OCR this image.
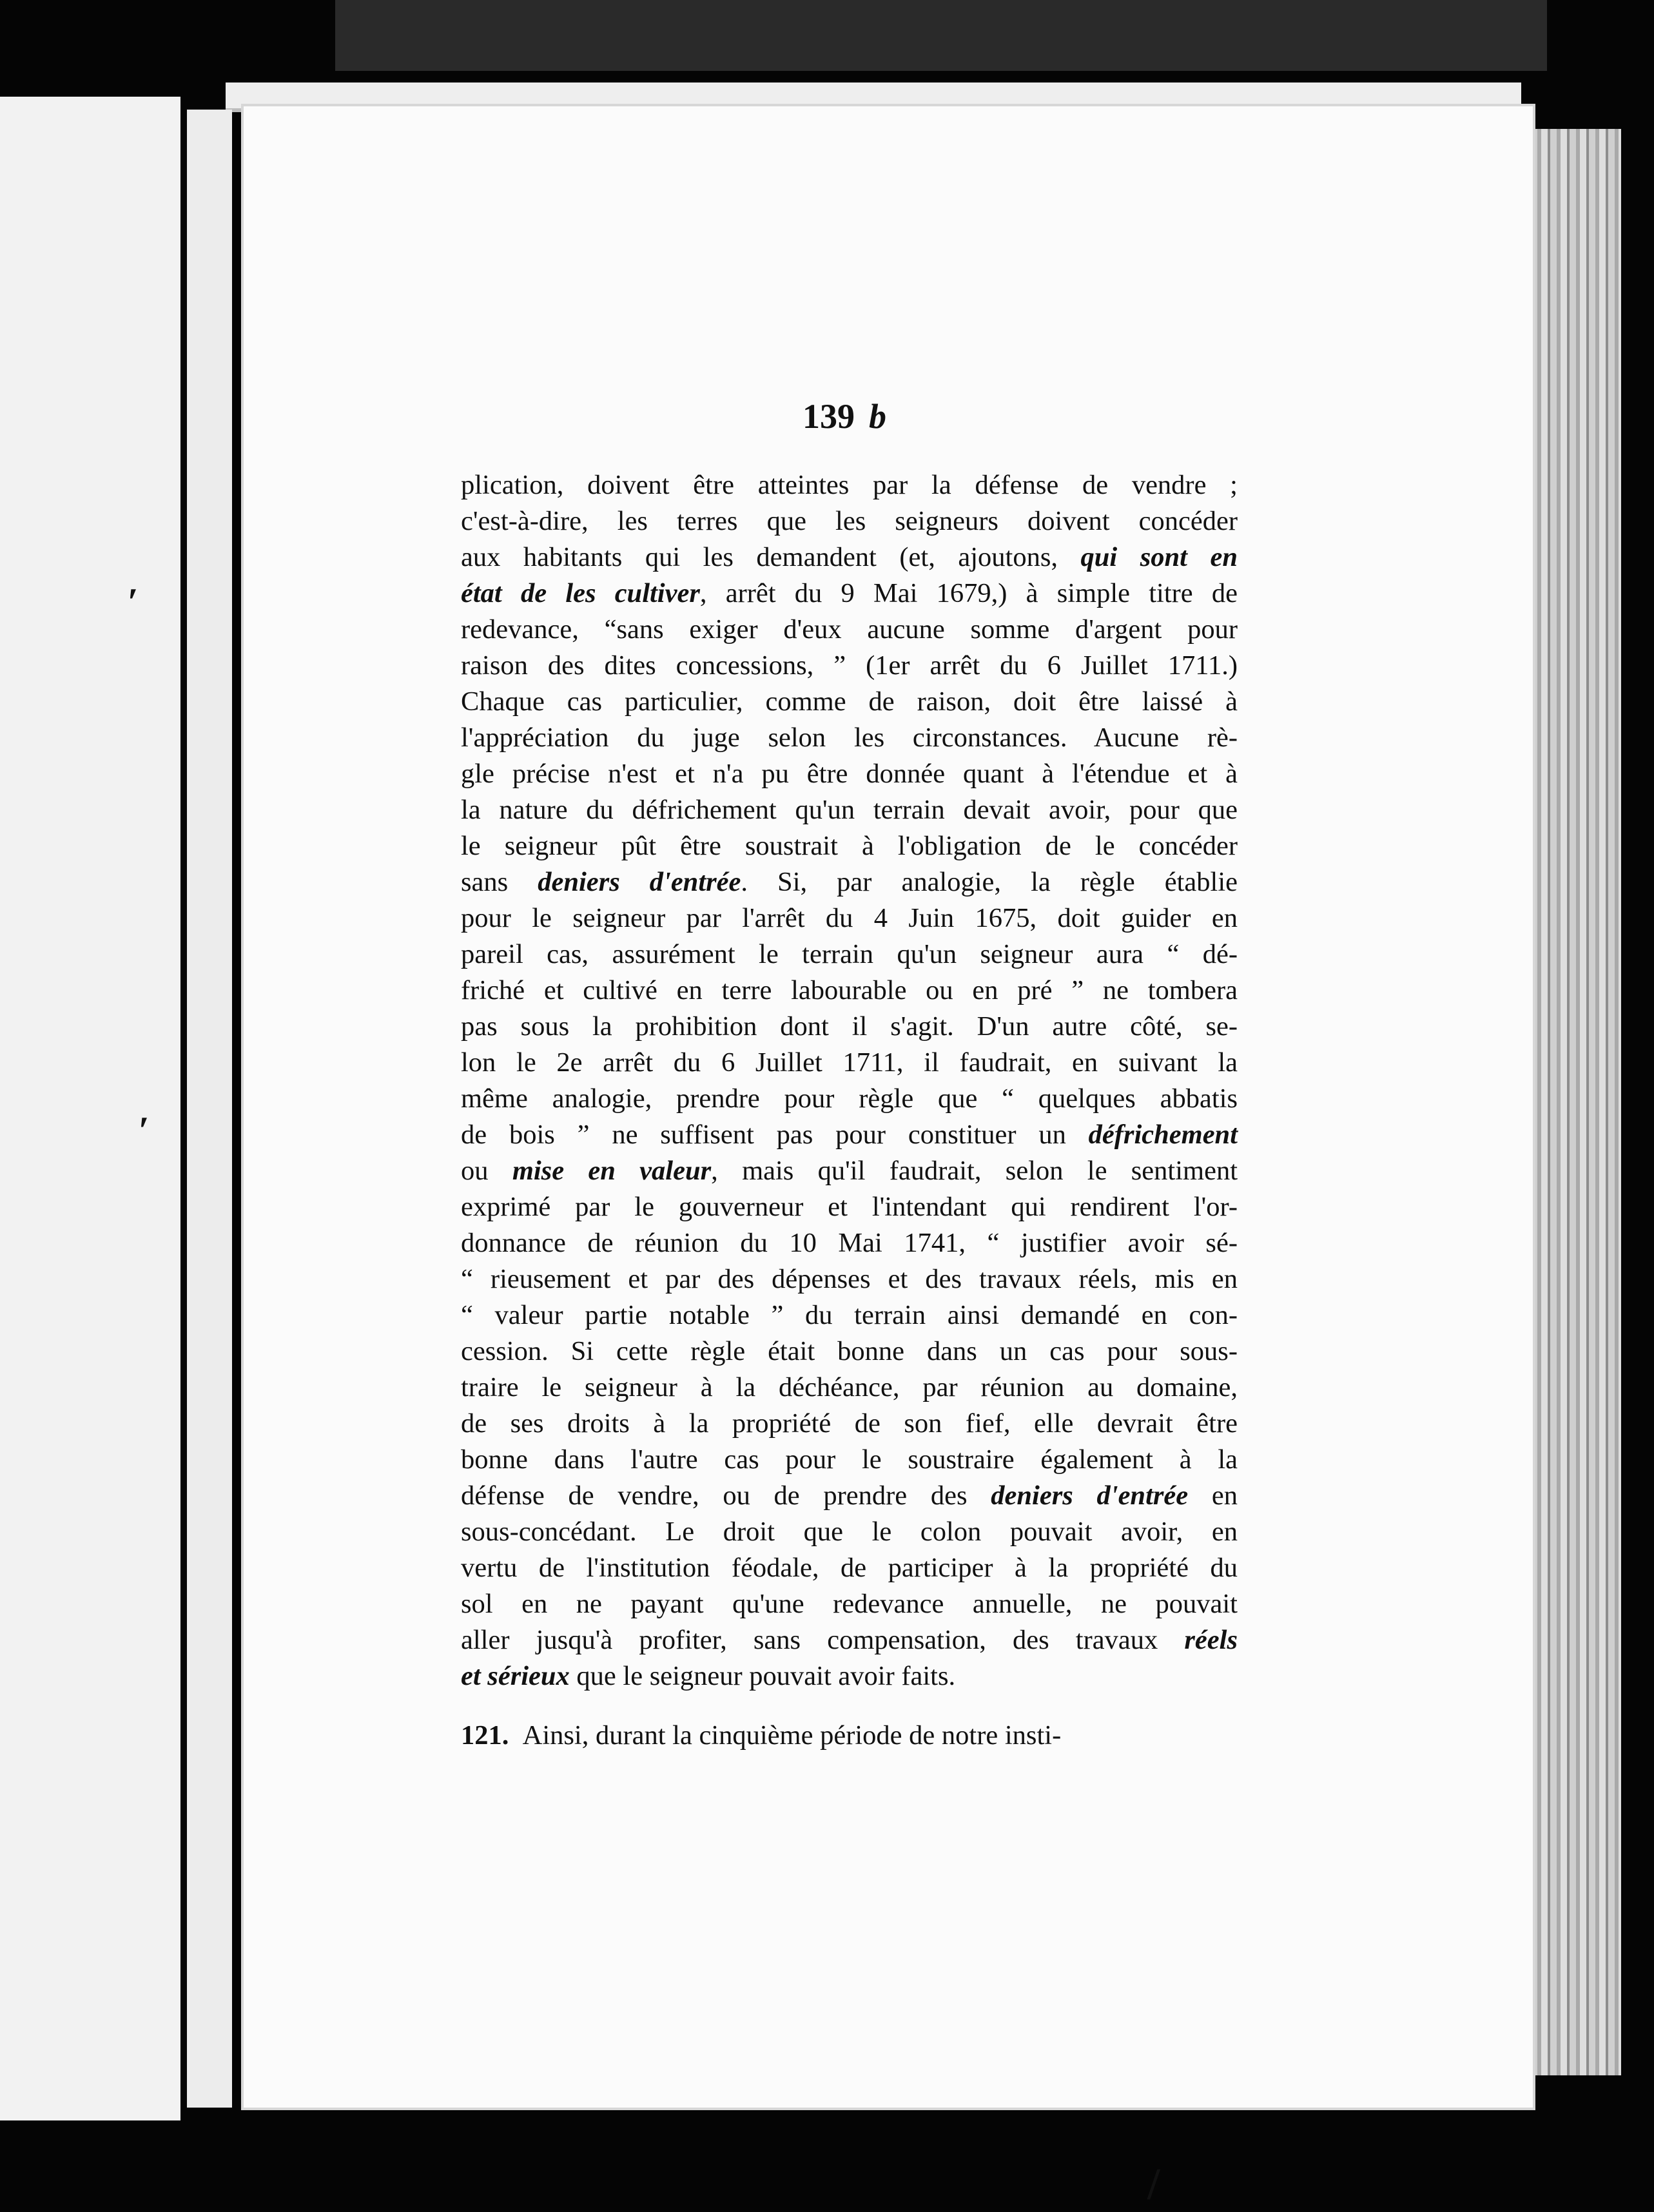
′
′
/
139 b
plication, doivent être atteintes par la défense de vendre ;
c'est-à-dire, les terres que les seigneurs doivent concéder
aux habitants qui les demandent (et, ajoutons, qui sont en
état de les cultiver, arrêt du 9 Mai 1679,) à simple titre de
redevance, “sans exiger d'eux aucune somme d'argent pour
raison des dites concessions, ” (1er arrêt du 6 Juillet 1711.)
Chaque cas particulier, comme de raison, doit être laissé à
l'appréciation du juge selon les circonstances. Aucune rè-
gle précise n'est et n'a pu être donnée quant à l'étendue et à
la nature du défrichement qu'un terrain devait avoir, pour que
le seigneur pût être soustrait à l'obligation de le concéder
sans deniers d'entrée. Si, par analogie, la règle établie
pour le seigneur par l'arrêt du 4 Juin 1675, doit guider en
pareil cas, assurément le terrain qu'un seigneur aura “ dé-
friché et cultivé en terre labourable ou en pré ” ne tombera
pas sous la prohibition dont il s'agit. D'un autre côté, se-
lon le 2e arrêt du 6 Juillet 1711, il faudrait, en suivant la
même analogie, prendre pour règle que “ quelques abbatis
de bois ” ne suffisent pas pour constituer un défrichement
ou mise en valeur, mais qu'il faudrait, selon le sentiment
exprimé par le gouverneur et l'intendant qui rendirent l'or-
donnance de réunion du 10 Mai 1741, “ justifier avoir sé-
“ rieusement et par des dépenses et des travaux réels, mis en
“ valeur partie notable ” du terrain ainsi demandé en con-
cession. Si cette règle était bonne dans un cas pour sous-
traire le seigneur à la déchéance, par réunion au domaine,
de ses droits à la propriété de son fief, elle devrait être
bonne dans l'autre cas pour le soustraire également à la
défense de vendre, ou de prendre des deniers d'entrée en
sous-concédant. Le droit que le colon pouvait avoir, en
vertu de l'institution féodale, de participer à la propriété du
sol en ne payant qu'une redevance annuelle, ne pouvait
aller jusqu'à profiter, sans compensation, des travaux réels
et sérieux que le seigneur pouvait avoir faits.
121. Ainsi, durant la cinquième période de notre insti-
